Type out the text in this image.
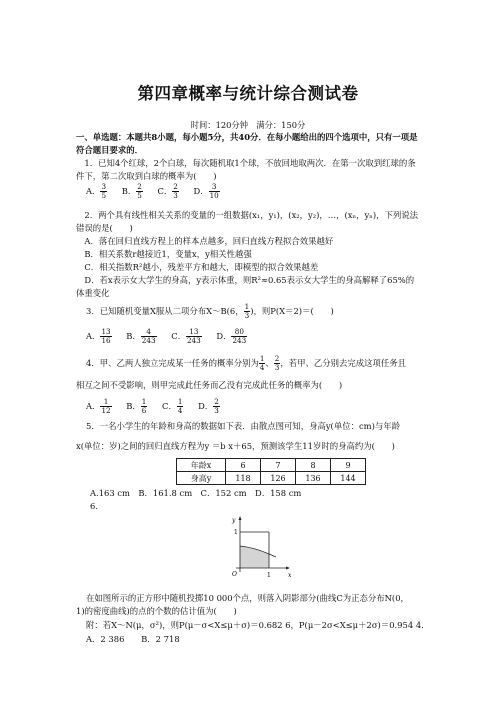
第四章概率与统计综合测试卷
时间：120分钟　满分：150分
一、单选题：本题共8小题，每小题5分，共40分．在每小题给出的四个选项中，只有一项是符合题目要求的．
1．已知4个红球，2个白球，每次随机取1个球，不放回地取两次．在第一次取到红球的条件下，第二次取到白球的概率为(　　)
A． $\frac{3}{5}$ B． $\frac{2}{5}$ C． $\frac{2}{3}$ D． $\frac{3}{10}$
2．两个具有线性相关关系的变量的一组数据(x₁，y₁)，(x₂，y₂)，…，(xₙ，yₙ)，下列说法错误的是(　　)
A．落在回归直线方程上的样本点越多，回归直线方程拟合效果越好
B．相关系数r越接近1，变量x，y相关性越强
C．相关指数R²越小，残差平方和越大，即模型的拟合效果越差
D．若x表示女大学生的身高，y表示体重，则R²≈0.65表示女大学生的身高解释了65%的体重变化
3．已知随机变量X服从二项分布X～B(6， $\frac{1}{3}$ )，则P(X＝2)＝(　　)
A． $\frac{13}{16}$ B． $\frac{4}{243}$ C． $\frac{13}{243}$ D． $\frac{80}{243}$
4．甲、乙两人独立完成某一任务的概率分别为 $\frac{1}{4}$ 、 $\frac{2}{3}$ ，若甲、乙分别去完成这项任务且
相互之间不受影响，则甲完成此任务而乙没有完成此任务的概率为(　　)
A． $\frac{1}{12}$ B． $\frac{1}{6}$ C． $\frac{1}{4}$ D． $\frac{2}{3}$
5．一名小学生的年龄和身高的数据如下表．由散点图可知，身高y(单位：cm)与年龄
x(单位：岁)之间的回归直线方程为y ＝b x＋65，预测该学生11岁时的身高约为(　　)
年龄x	6	7	8	9
身高y	118	126	136	144
A.163 cm　B．161.8 cm　C．152 cm　D．158 cm
6.
y
x
O
1
1
在如图所示的正方形中随机投掷10 000个点，则落入阴影部分(曲线C为正态分布N(0，
1)的密度曲线)的点的个数的估计值为(　　)
附：若X～N(μ，σ²)，则P(μ－σ<X≤μ＋σ)＝0.682 6，P(μ－2σ<X≤μ＋2σ)＝0.954 4.
A．2 386　　B．2 718
